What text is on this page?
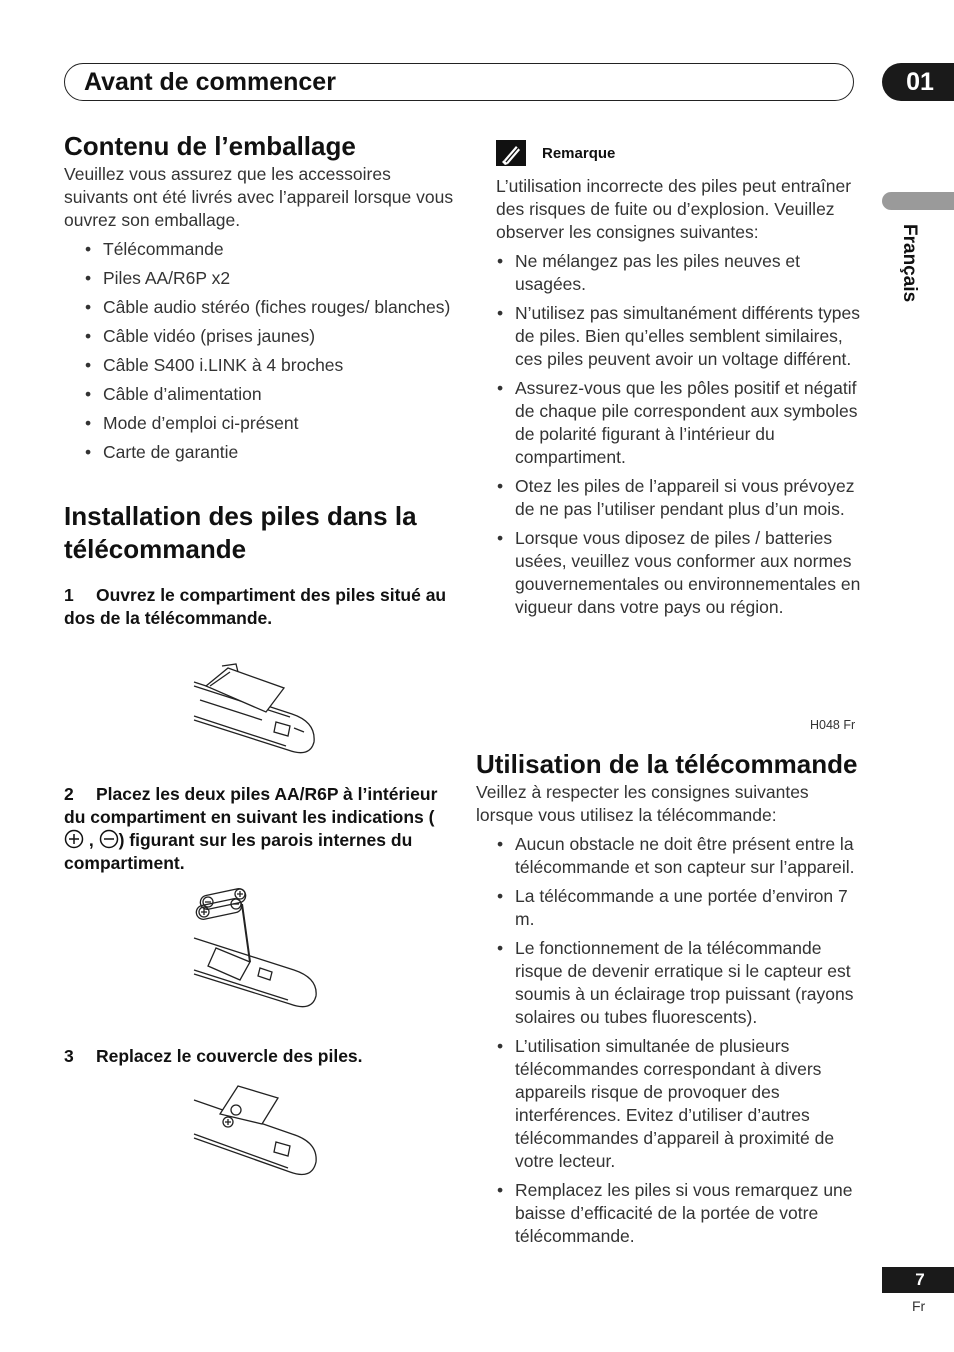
Avant de commencer	01
Français
Contenu de l’emballage

Veuillez vous assurez que les accessoires suivants ont été livrés avec l’appareil lorsque vous ouvrez son emballage.

• Télécommande
• Piles AA/R6P x2
• Câble audio stéréo (fiches rouges/ blanches)
• Câble vidéo (prises jaunes)
• Câble S400 i.LINK à 4 broches
• Câble d’alimentation
• Mode d’emploi ci-présent
• Carte de garantie
Installation des piles dans la télécommande
1 Ouvrez le compartiment des piles situé au dos de la télécommande.
2 Placez les deux piles AA/R6P à l’intérieur du compartiment en suivant les indications ( , ) figurant sur les parois internes du compartiment.
3 Replacez le couvercle des piles.
Remarque

L’utilisation incorrecte des piles peut entraîner des risques de fuite ou d’explosion. Veuillez observer les consignes suivantes:

• Ne mélangez pas les piles neuves et usagées.
• N’utilisez pas simultanément différents types de piles. Bien qu’elles semblent similaires, ces piles peuvent avoir un voltage différent.
• Assurez-vous que les pôles positif et négatif de chaque pile correspondent aux symboles de polarité figurant à l’intérieur du compartiment.
• Otez les piles de l’appareil si vous prévoyez de ne pas l’utiliser pendant plus d’un mois.
• Lorsque vous diposez de piles / batteries usées, veuillez vous conformer aux normes gouvernementales ou environnementales en vigueur dans votre pays ou région.
H048 Fr
Utilisation de la télécommande

Veillez à respecter les consignes suivantes lorsque vous utilisez la télécommande:

• Aucun obstacle ne doit être présent entre la télécommande et son capteur sur l’appareil.
• La télécommande a une portée d’environ 7 m.
• Le fonctionnement de la télécommande risque de devenir erratique si le capteur est soumis à un éclairage trop puissant (rayons solaires ou tubes fluorescents).
• L’utilisation simultanée de plusieurs télécommandes correspondant à divers appareils risque de provoquer des interférences. Evitez d’utiliser d’autres télécommandes d’appareil à proximité de votre lecteur.
• Remplacez les piles si vous remarquez une baisse d’efficacité de la portée de votre télécommande.
7
Fr
